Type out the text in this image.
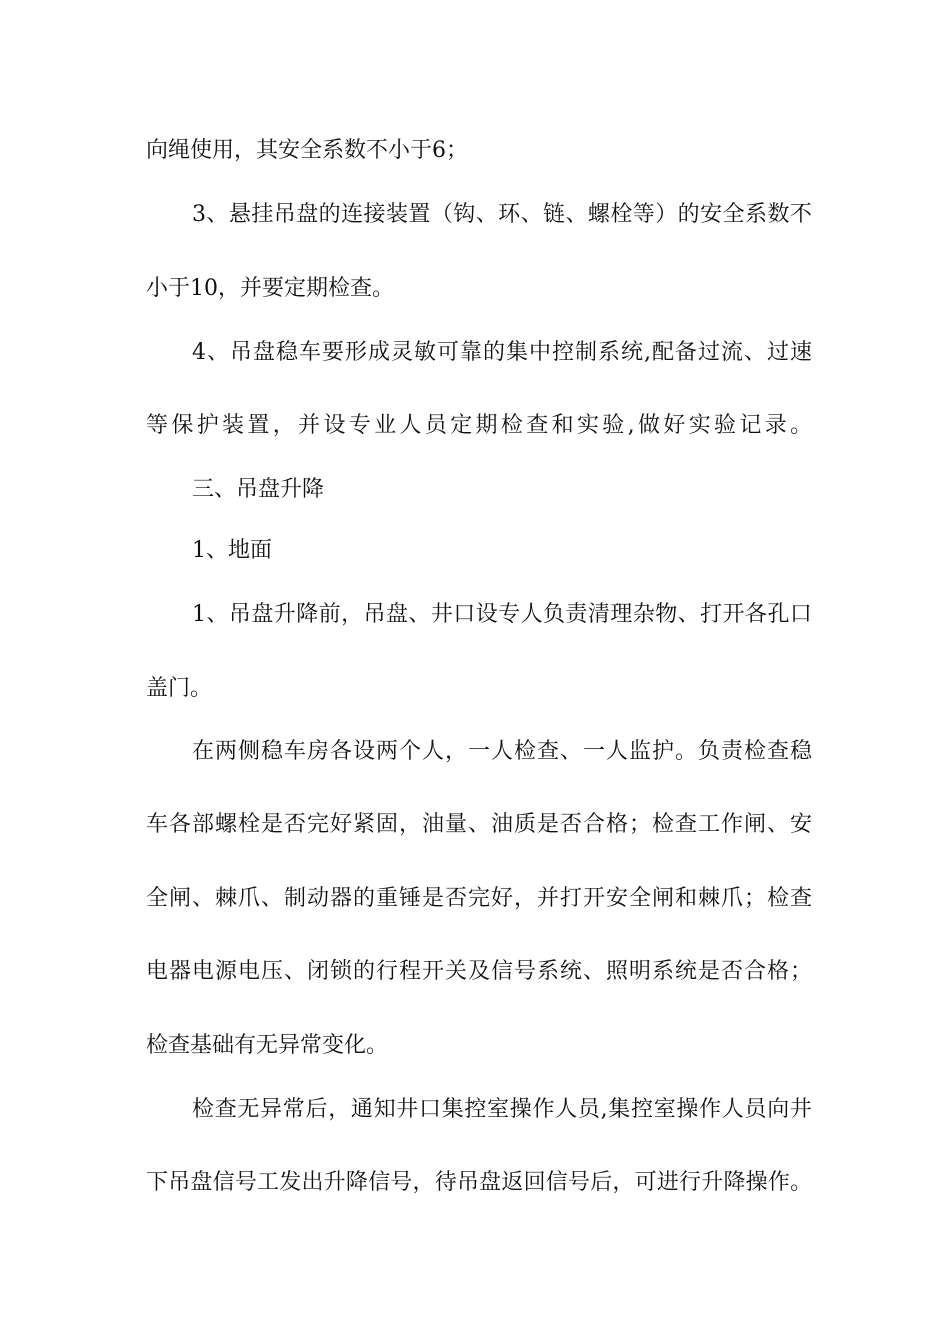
向绳使用，其安全系数不小于6；
3、悬挂吊盘的连接装置（钩、环、链、螺栓等）的安全系数不
小于10，并要定期检查。
4、吊盘稳车要形成灵敏可靠的集中控制系统,配备过流、过速
等保护装置，并设专业人员定期检查和实验,做好实验记录。
三、吊盘升降
1、地面
1、吊盘升降前，吊盘、井口设专人负责清理杂物、打开各孔口
盖门。
在两侧稳车房各设两个人，一人检查、一人监护。负责检查稳
车各部螺栓是否完好紧固，油量、油质是否合格；检查工作闸、安
全闸、棘爪、制动器的重锤是否完好，并打开安全闸和棘爪；检查
电器电源电压、闭锁的行程开关及信号系统、照明系统是否合格；
检查基础有无异常变化。
检查无异常后，通知井口集控室操作人员,集控室操作人员向井
下吊盘信号工发出升降信号，待吊盘返回信号后，可进行升降操作。
